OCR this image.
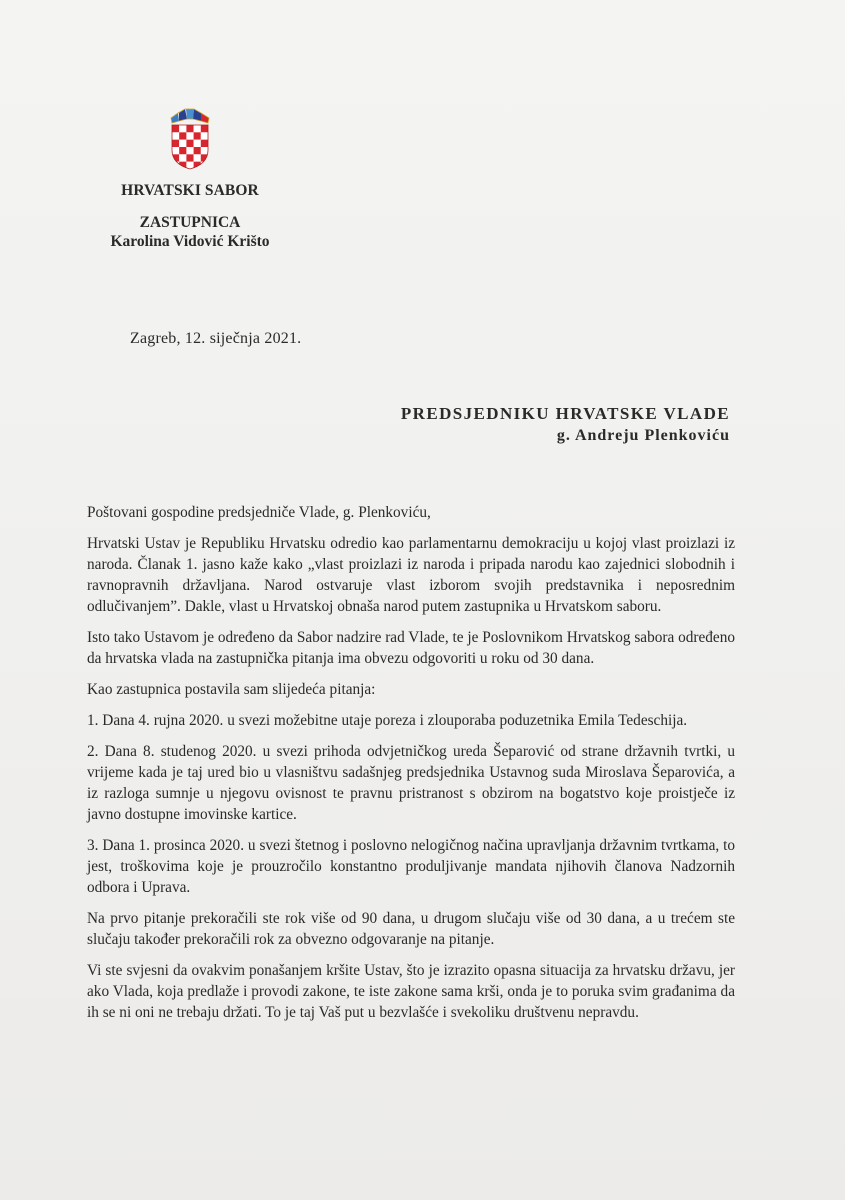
HRVATSKI SABOR
ZASTUPNICA
Karolina Vidović Krišto
Zagreb, 12. siječnja 2021.
PREDSJEDNIKU HRVATSKE VLADE
g. Andreju Plenkoviću

Poštovani gospodine predsjedniče Vlade, g. Plenkoviću,

Hrvatski Ustav je Republiku Hrvatsku odredio kao parlamentarnu demokraciju u kojoj vlast proizlazi iz naroda. Članak 1. jasno kaže kako „vlast proizlazi iz naroda i pripada narodu kao zajednici slobodnih i ravnopravnih državljana. Narod ostvaruje vlast izborom svojih predstavnika i neposrednim odlučivanjem”. Dakle, vlast u Hrvatskoj obnaša narod putem zastupnika u Hrvatskom saboru.

Isto tako Ustavom je određeno da Sabor nadzire rad Vlade, te je Poslovnikom Hrvatskog sabora određeno da hrvatska vlada na zastupnička pitanja ima obvezu odgovoriti u roku od 30 dana.

Kao zastupnica postavila sam slijedeća pitanja:

1. Dana 4. rujna 2020. u svezi možebitne utaje poreza i zlouporaba poduzetnika Emila Tedeschija.

2. Dana 8. studenog 2020. u svezi prihoda odvjetničkog ureda Šeparović od strane državnih tvrtki, u vrijeme kada je taj ured bio u vlasništvu sadašnjeg predsjednika Ustavnog suda Miroslava Šeparovića, a iz razloga sumnje u njegovu ovisnost te pravnu pristranost s obzirom na bogatstvo koje proistječe iz javno dostupne imovinske kartice.

3. Dana 1. prosinca 2020. u svezi štetnog i poslovno nelogičnog načina upravljanja državnim tvrtkama, to jest, troškovima koje je prouzročilo konstantno produljivanje mandata njihovih članova Nadzornih odbora i Uprava.

Na prvo pitanje prekoračili ste rok više od 90 dana, u drugom slučaju više od 30 dana, a u trećem ste slučaju također prekoračili rok za obvezno odgovaranje na pitanje.

Vi ste svjesni da ovakvim ponašanjem kršite Ustav, što je izrazito opasna situacija za hrvatsku državu, jer ako Vlada, koja predlaže i provodi zakone, te iste zakone sama krši, onda je to poruka svim građanima da ih se ni oni ne trebaju držati. To je taj Vaš put u bezvlašće i svekoliku društvenu nepravdu.
